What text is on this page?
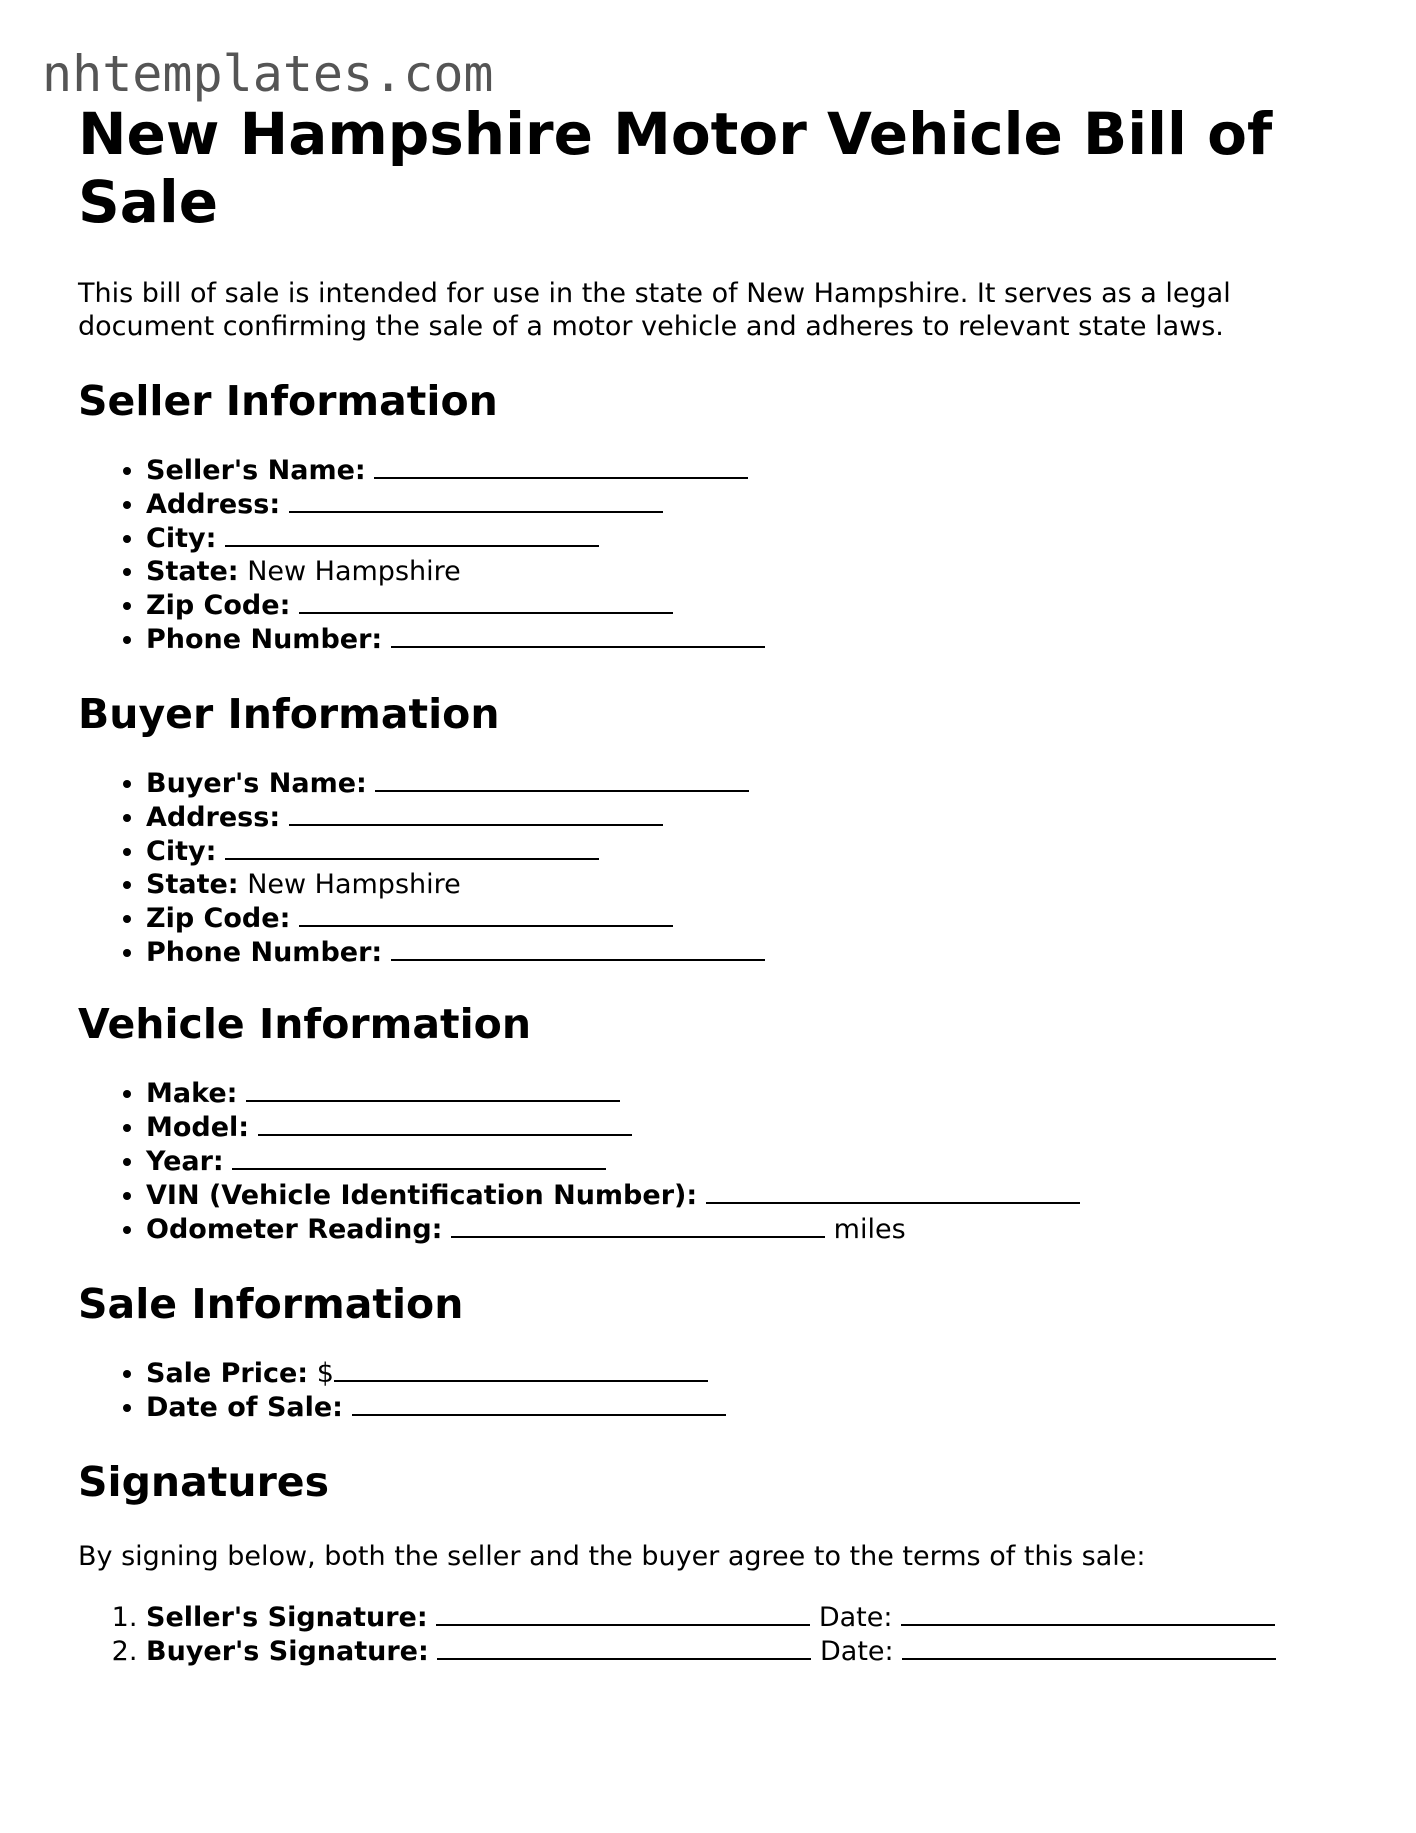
nhtemplates.com
New Hampshire Motor Vehicle Bill of Sale

This bill of sale is intended for use in the state of New Hampshire. It serves as a legal document confirming the sale of a motor vehicle and adheres to relevant state laws.

Seller Information
• Seller's Name:
• Address:
• City:
• State: New Hampshire
• Zip Code:
• Phone Number:
Buyer Information
• Buyer's Name:
• Address:
• City:
• State: New Hampshire
• Zip Code:
• Phone Number:
Vehicle Information
• Make:
• Model:
• Year:
• VIN (Vehicle Identification Number):
• Odometer Reading:	miles
Sale Information
• Sale Price: $
• Date of Sale:
Signatures

By signing below, both the seller and the buyer agree to the terms of this sale:

1. Seller's Signature:	Date:
2. Buyer's Signature:	Date:
